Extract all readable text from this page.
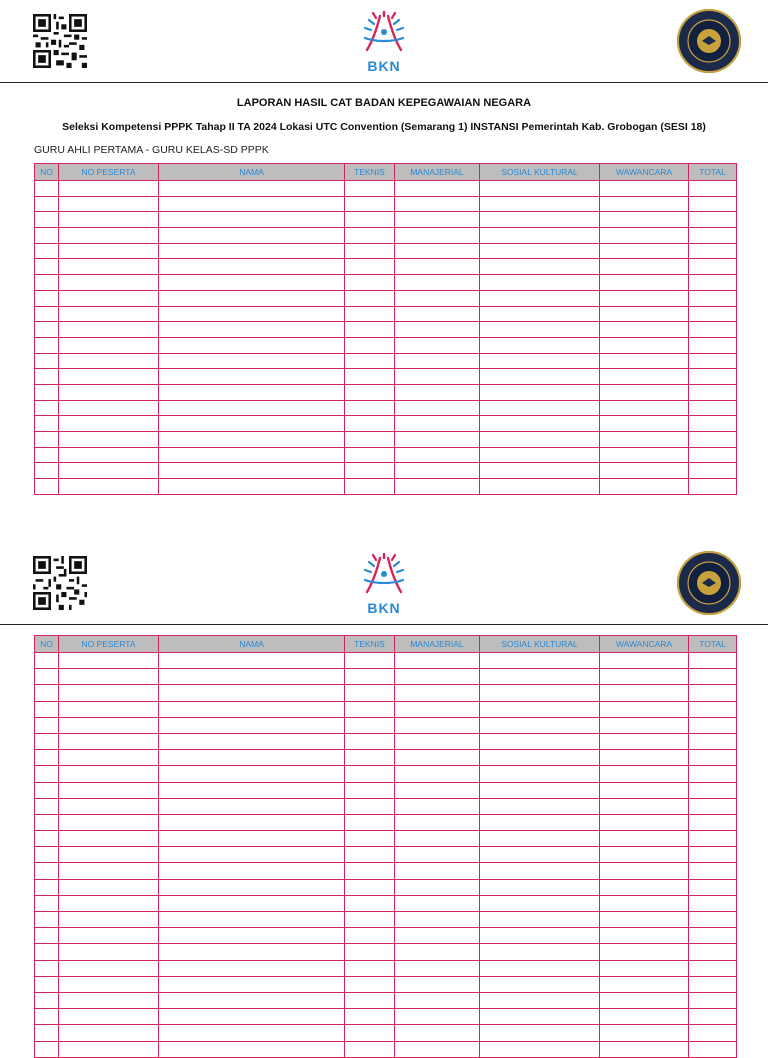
BKN
LAPORAN HASIL CAT BADAN KEPEGAWAIAN NEGARA
Seleksi Kompetensi PPPK Tahap II TA 2024 Lokasi UTC Convention (Semarang 1) INSTANSI Pemerintah Kab. Grobogan (SESI 18)
GURU AHLI PERTAMA - GURU KELAS-SD PPPK
NO	NO PESERTA	NAMA	TEKNIS	MANAJERIAL	SOSIAL KULTURAL	WAWANCARA	TOTAL

BKN
NO	NO PESERTA	NAMA	TEKNIS	MANAJERIAL	SOSIAL KULTURAL	WAWANCARA	TOTAL
